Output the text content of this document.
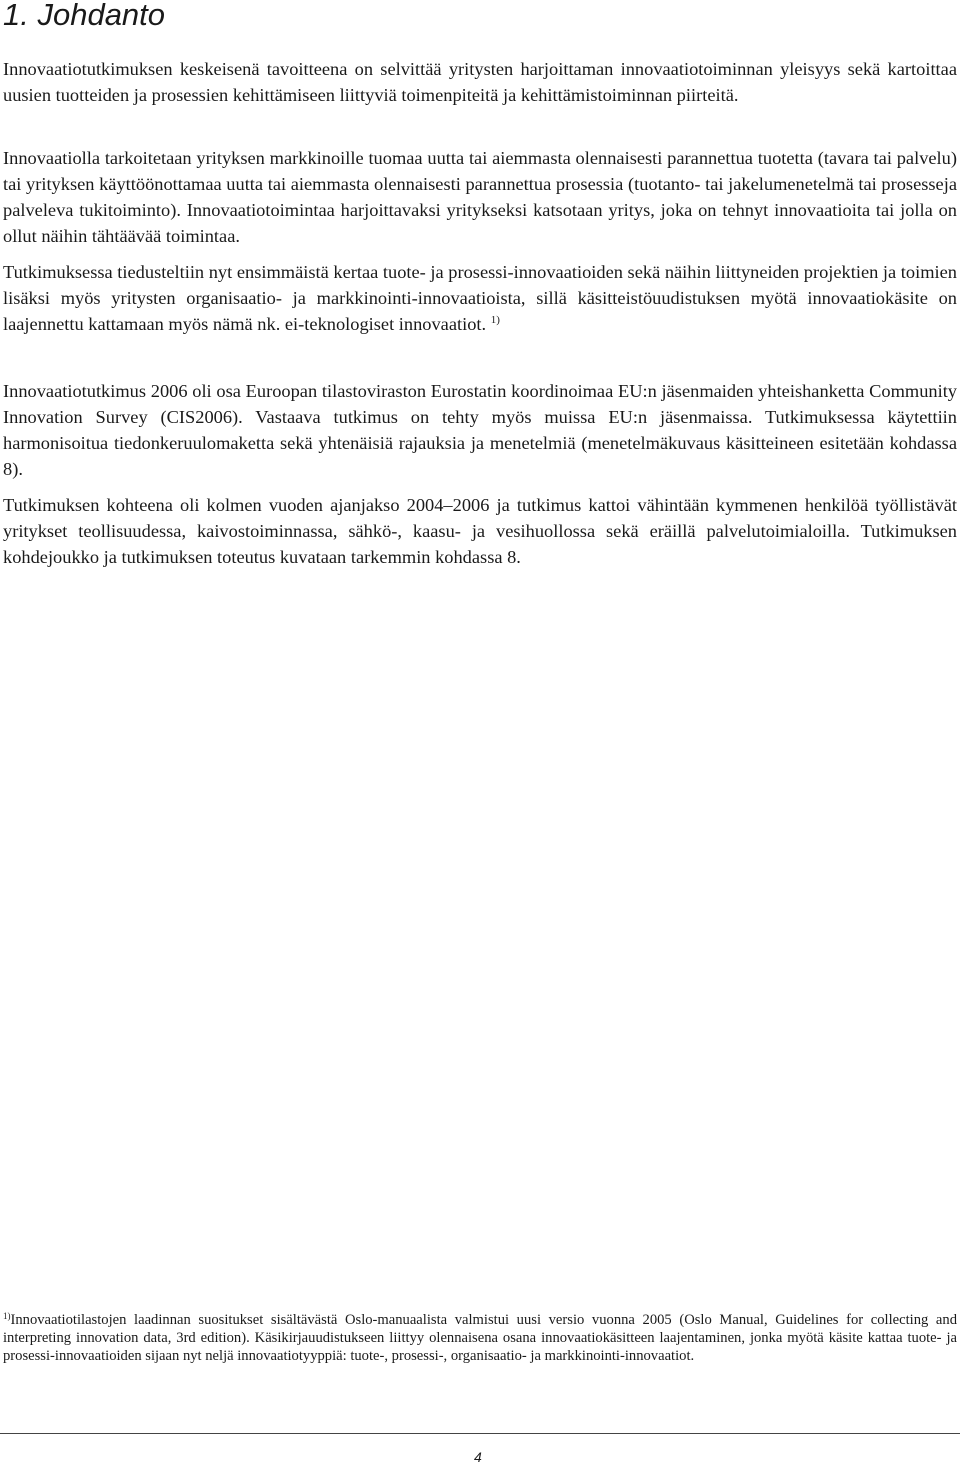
1. Johdanto

Innovaatiotutkimuksen keskeisenä tavoitteena on selvittää yritysten harjoittaman innovaatiotoiminnan yleisyys sekä kartoittaa uusien tuotteiden ja prosessien kehittämiseen liittyviä toimenpiteitä ja kehittämistoiminnan piirteitä.

Innovaatiolla tarkoitetaan yrityksen markkinoille tuomaa uutta tai aiemmasta olennaisesti parannettua tuotetta (tavara tai palvelu) tai yrityksen käyttöönottamaa uutta tai aiemmasta olennaisesti parannettua prosessia (tuotanto- tai jakelumenetelmä tai prosesseja palveleva tukitoiminto). Innovaatiotoimintaa harjoittavaksi yritykseksi katsotaan yritys, joka on tehnyt innovaatioita tai jolla on ollut näihin tähtäävää toimintaa.

Tutkimuksessa tiedusteltiin nyt ensimmäistä kertaa tuote- ja prosessi-innovaatioiden sekä näihin liittyneiden projektien ja toimien lisäksi myös yritysten organisaatio- ja markkinointi-innovaatioista, sillä käsitteistöuudistuksen myötä innovaatiokäsite on laajennettu kattamaan myös nämä nk. ei-teknologiset innovaatiot. $^{1)}$

Innovaatiotutkimus 2006 oli osa Euroopan tilastoviraston Eurostatin koordinoimaa EU:n jäsenmaiden yhteishanketta Community Innovation Survey (CIS2006). Vastaava tutkimus on tehty myös muissa EU:n jäsenmaissa. Tutkimuksessa käytettiin harmonisoitua tiedonkeruulomaketta sekä yhtenäisiä rajauksia ja menetelmiä (menetelmäkuvaus käsitteineen esitetään kohdassa 8).

Tutkimuksen kohteena oli kolmen vuoden ajanjakso 2004–2006 ja tutkimus kattoi vähintään kymmenen henkilöä työllistävät yritykset teollisuudessa, kaivostoiminnassa, sähkö-, kaasu- ja vesihuollossa sekä eräillä palvelutoimialoilla. Tutkimuksen kohdejoukko ja tutkimuksen toteutus kuvataan tarkemmin kohdassa 8.

$^{1)}$Innovaatiotilastojen laadinnan suositukset sisältävästä Oslo-manuaalista valmistui uusi versio vuonna 2005 (Oslo Manual, Guidelines for collecting and interpreting innovation data, 3rd edition). Käsikirjauudistukseen liittyy olennaisena osana innovaatiokäsitteen laajentaminen, jonka myötä käsite kattaa tuote- ja prosessi-innovaatioiden sijaan nyt neljä innovaatiotyyppiä: tuote-, prosessi-, organisaatio- ja markkinointi-innovaatiot.

4
